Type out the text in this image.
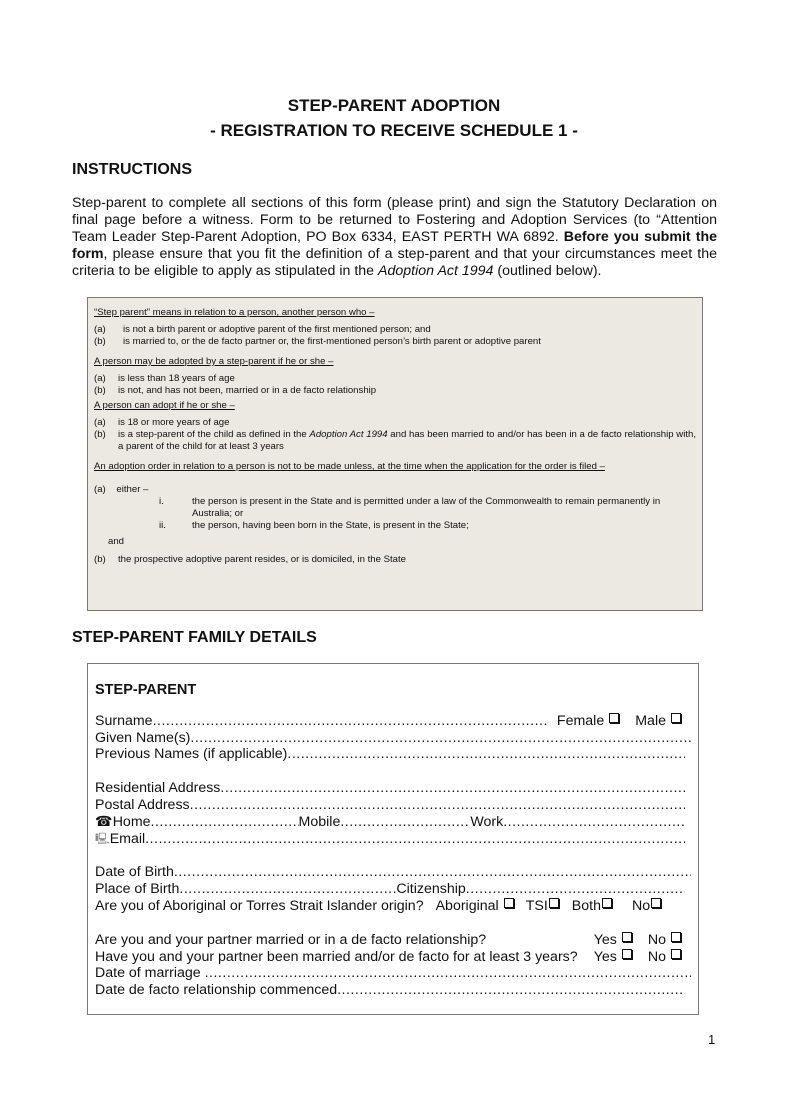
STEP-PARENT ADOPTION
- REGISTRATION TO RECEIVE SCHEDULE 1 -
INSTRUCTIONS
Step-parent to complete all sections of this form (please print) and sign the Statutory Declaration on final page before a witness. Form to be returned to Fostering and Adoption Services (to “Attention Team Leader Step-Parent Adoption, PO Box 6334, EAST PERTH WA 6892. Before you submit the form, please ensure that you fit the definition of a step-parent and that your circumstances meet the criteria to be eligible to apply as stipulated in the Adoption Act 1994 (outlined below).
“Step parent” means in relation to a person, another person who –
(a)	is not a birth parent or adoptive parent of the first mentioned person; and
(b)	is married to, or the de facto partner or, the first-mentioned person’s birth parent or adoptive parent
A person may be adopted by a step-parent if he or she –
(a)	is less than 18 years of age
(b)	is not, and has not been, married or in a de facto relationship
A person can adopt if he or she –
(a)	is 18 or more years of age
(b)	is a step-parent of the child as defined in the Adoption Act 1994 and has been married to and/or has been in a de facto relationship with, a parent of the child for at least 3 years
An adoption order in relation to a person is not to be made unless, at the time when the application for the order is filed –
(a)    either –
i.	the person is present in the State and is permitted under a law of the Commonwealth to remain permanently in Australia; or
ii.	the person, having been born in the State, is present in the State;
and
(b)	the prospective adoptive parent resides, or is domiciled, in the State
STEP-PARENT FAMILY DETAILS
STEP-PARENT
Surname .....	Female Male
Given Name(s)
.....
Previous Names (if applicable)
.....
Residential Address
.....
Postal Address
.....
☎ Home .....	Mobile .....	Work
.....
🖳 Email
.....
Date of Birth
.....
Place of Birth .....	Citizenship
.....
Are you of Aboriginal or Torres Strait Islander origin? Aboriginal TSI Both No
Are you and your partner married or in a de facto relationship?	Yes No
Have you and your partner been married and/or de facto for at least 3 years? Yes No
Date of marriage
.....
Date de facto relationship commenced
.....
1
